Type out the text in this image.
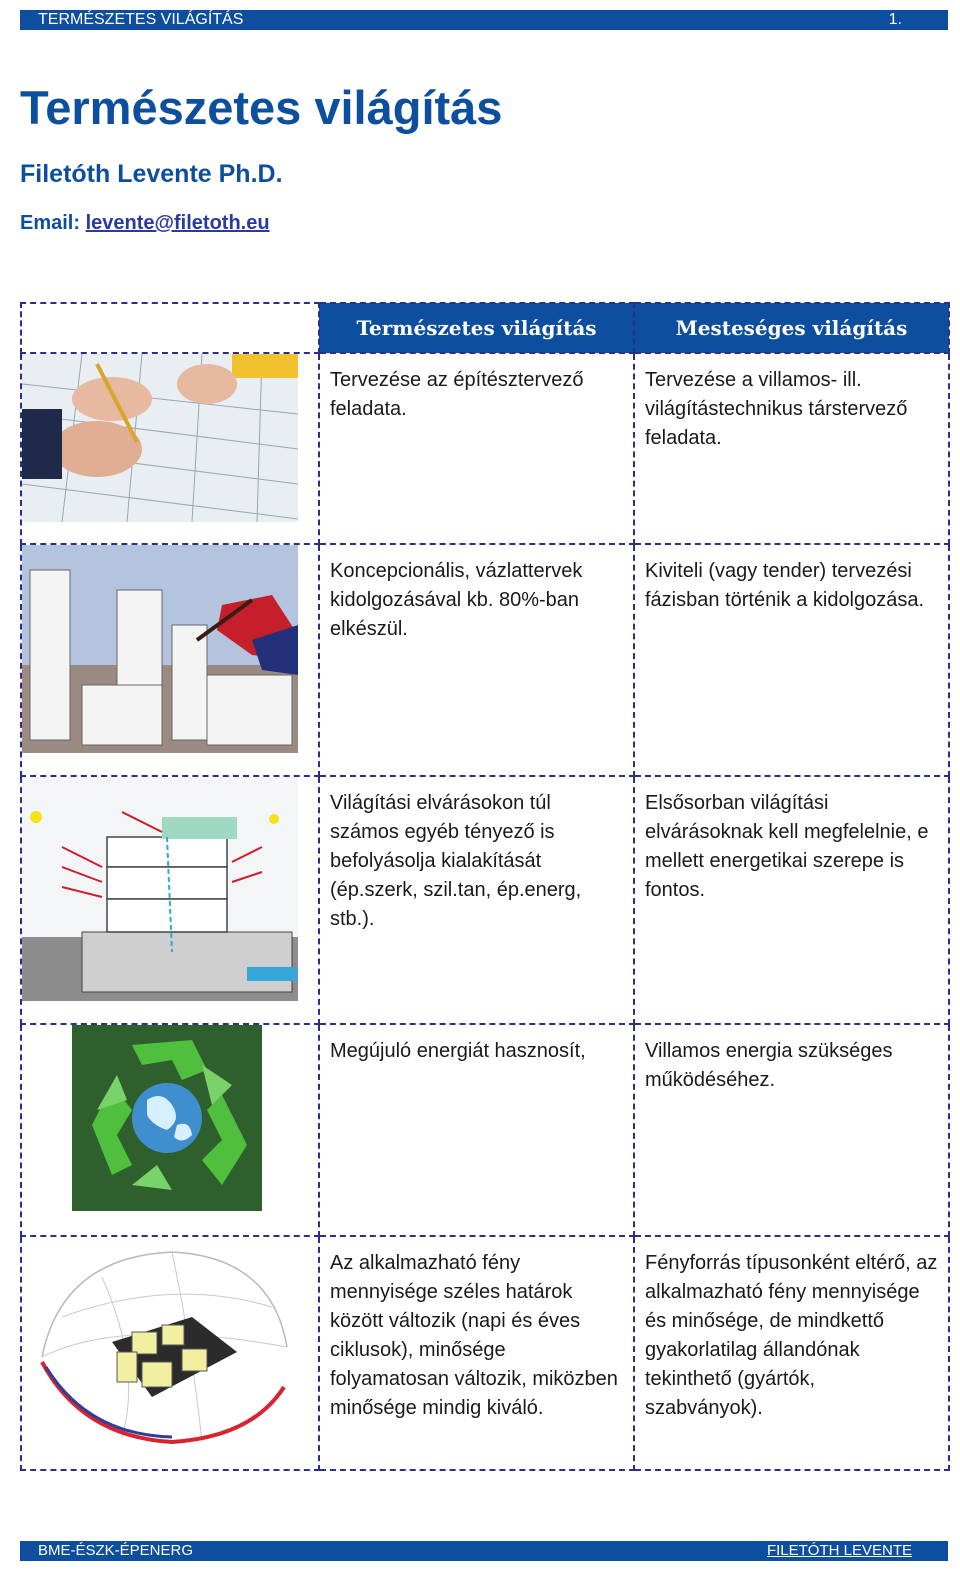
TERMÉSZETES VILÁGÍTÁS	1.
Természetes világítás
Filetóth Levente Ph.D.
Email: levente@filetoth.eu
	Természetes világítás	Mesteséges világítás

Tervezése az építésztervező feladata.	Tervezése a villamos- ill. világítástechnikus társtervező feladata.

Koncepcionális, vázlattervek kidolgozásával kb. 80%-ban elkészül.	Kiviteli (vagy tender) tervezési fázisban történik a kidolgozása.

Világítási elvárásokon túl számos egyéb tényező is befolyásolja kialakítását (ép.szerk, szil.tan, ép.energ, stb.).	Elsősorban világítási elvárásoknak kell megfelelnie, e mellett energetikai szerepe is fontos.

Megújuló energiát hasznosít,	Villamos energia szükséges működéséhez.

Az alkalmazható fény mennyisége széles határok között változik (napi és éves ciklusok), minősége folyamatosan változik, miközben minősége mindig kiváló.	Fényforrás típusonként eltérő, az alkalmazható fény mennyisége és minősége, de mindkettő gyakorlatilag állandónak tekinthető (gyártók, szabványok).
BME-ÉSZK-ÉPENERG	FILETÓTH LEVENTE
